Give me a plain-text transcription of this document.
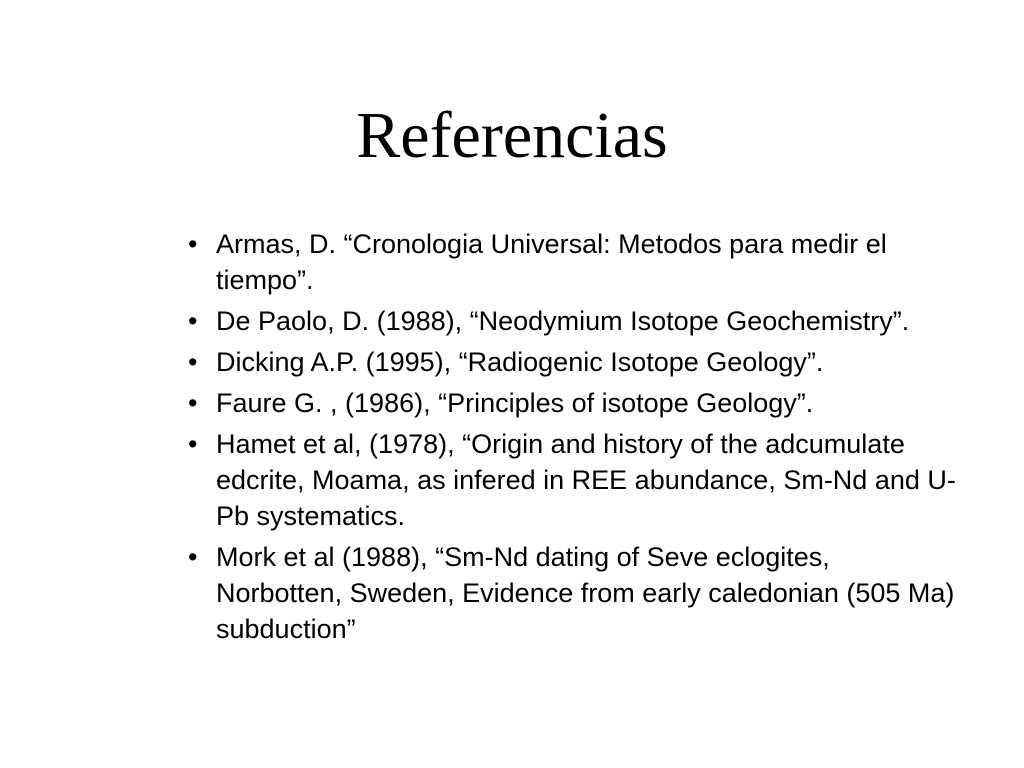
Referencias
• Armas, D. “Cronologia Universal: Metodos para medir el tiempo”.
• De Paolo, D. (1988), “Neodymium Isotope Geochemistry”.
• Dicking A.P. (1995), “Radiogenic Isotope Geology”.
• Faure G. , (1986), “Principles of isotope Geology”.
• Hamet et al, (1978), “Origin and history of the adcumulate edcrite, Moama, as infered in REE abundance, Sm-Nd and U-Pb systematics.
• Mork et al (1988), “Sm-Nd dating of Seve eclogites, Norbotten, Sweden, Evidence from early caledonian (505 Ma) subduction”
